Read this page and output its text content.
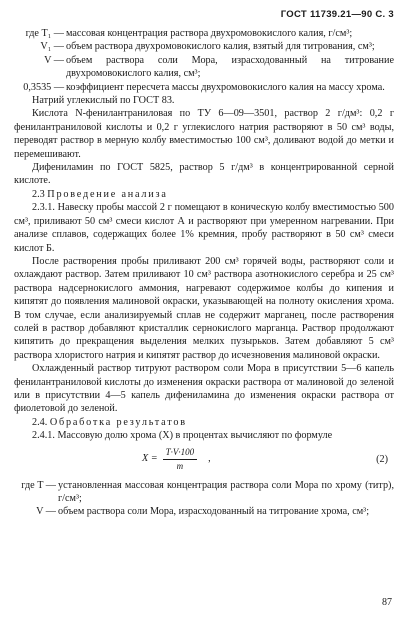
ГОСТ 11739.21—90 С. 3
где T₁ — массовая концентрация раствора двухромовокислого калия, г/см³;
V₁ — объем раствора двухромовокислого калия, взятый для титрования, см³;
V — объем раствора соли Мора, израсходованный на титрование двухромовокислого калия, см³;
0,3535 — коэффициент пересчета массы двухромовокислого калия на массу хрома.

Натрий углекислый по ГОСТ 83.

Кислота N-фенилантраниловая по ТУ 6—09—3501, раствор 2 г/дм³: 0,2 г фенилантраниловой кислоты и 0,2 г углекислого натрия растворяют в 50 см³ воды, переводят раствор в мерную колбу вместимостью 100 см³, доливают водой до метки и перемешивают.

Дифениламин по ГОСТ 5825, раствор 5 г/дм³ в концентрированной серной кислоте.

2.3 Проведение анализа

2.3.1. Навеску пробы массой 2 г помещают в коническую колбу вместимостью 500 см³, приливают 50 см³ смеси кислот А и растворяют при умеренном нагревании. При анализе сплавов, содержащих более 1% кремния, пробу растворяют в 50 см³ смеси кислот Б.

После растворения пробы приливают 200 см³ горячей воды, растворяют соли и охлаждают раствор. Затем приливают 10 см³ раствора азотнокислого серебра и 25 см³ раствора надсернокислого аммония, нагревают содержимое колбы до кипения и кипятят до появления малиновой окраски, указывающей на полноту окисления хрома. В том случае, если анализируемый сплав не содержит марганец, после растворения солей в раствор добавляют кристаллик сернокислого марганца. Раствор продолжают кипятить до прекращения выделения мелких пузырьков. Затем добавляют 5 см³ раствора хлористого натрия и кипятят раствор до исчезновения малиновой окраски.

Охлажденный раствор титруют раствором соли Мора в присутствии 5—6 капель фенилантраниловой кислоты до изменения окраски раствора от малиновой до зеленой или в присутствии 4—5 капель дифениламина до изменения окраски раствора от фиолетовой до зеленой.

2.4. Обработка результатов

2.4.1. Массовую долю хрома (X) в процентах вычисляют по формуле

$X = \frac{T\cdot V\cdot 100}{m}$ ,	(2)
где T — установленная массовая концентрация раствора соли Мора по хрому (титр), г/см³;
V — объем раствора соли Мора, израсходованный на титрование хрома, см³;
87
